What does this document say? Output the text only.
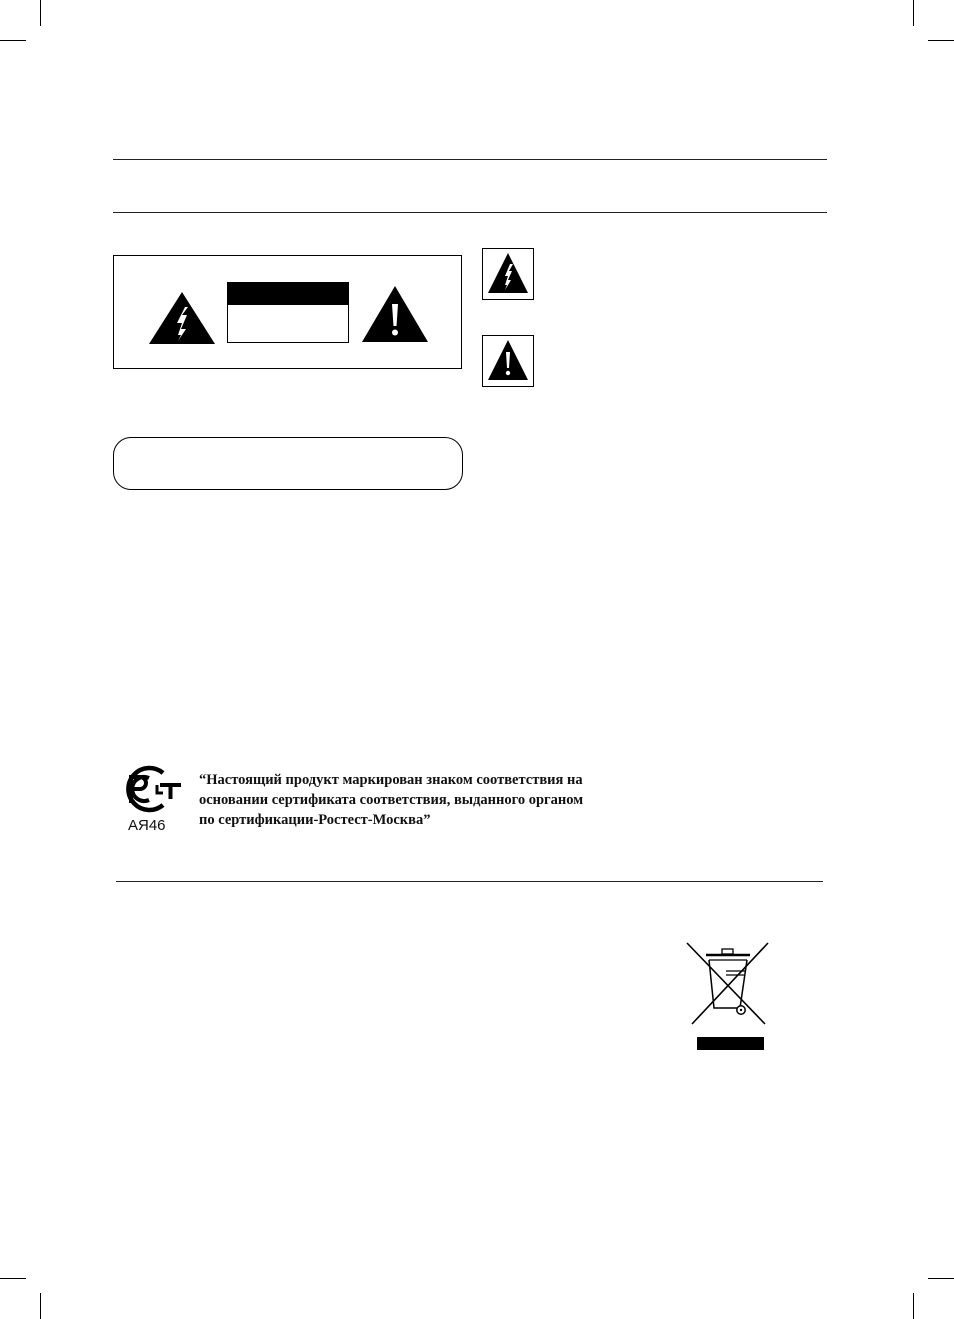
АЯ46
“Настоящий продукт маркирован знаком соответствия на
основании сертификата соответствия, выданного органом
по сертификации-Ростест-Москва”
